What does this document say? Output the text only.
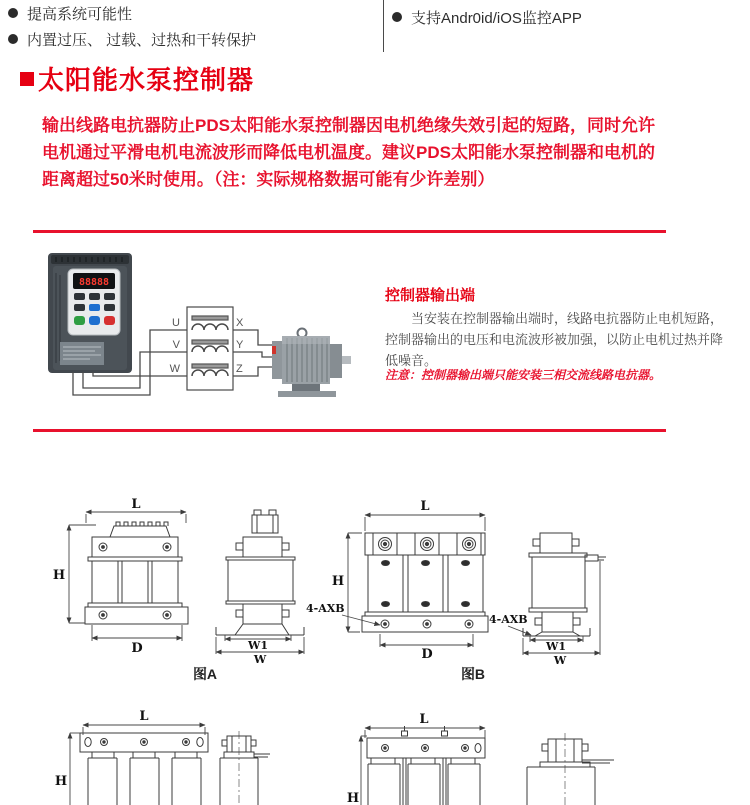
提高系统可能性
内置过压、 过载、过热和干转保护
支持Andr0id/iOS监控APP
太阳能水泵控制器
输出线路电抗器防止PDS太阳能水泵控制器因电机绝缘失效引起的短路，同时允许
电机通过平滑电机电流波形而降低电机温度。建议PDS太阳能水泵控制器和电机的
距离超过50米时使用。（注：实际规格数据可能有少许差别）
88888
U
V
W
X
Y
Z
控制器输出端
当安装在控制器输出端时，线路电抗器防止电机短路，控制器输出的电压和电流波形被加强，以防止电机过热并降低噪音。
注意：控制器输出端只能安装三相交流线路电抗器。
L
H
D	W1
W
图A
L
H
D
4-AXB
4-AXB
W1
W
图B
L
H
L
H
